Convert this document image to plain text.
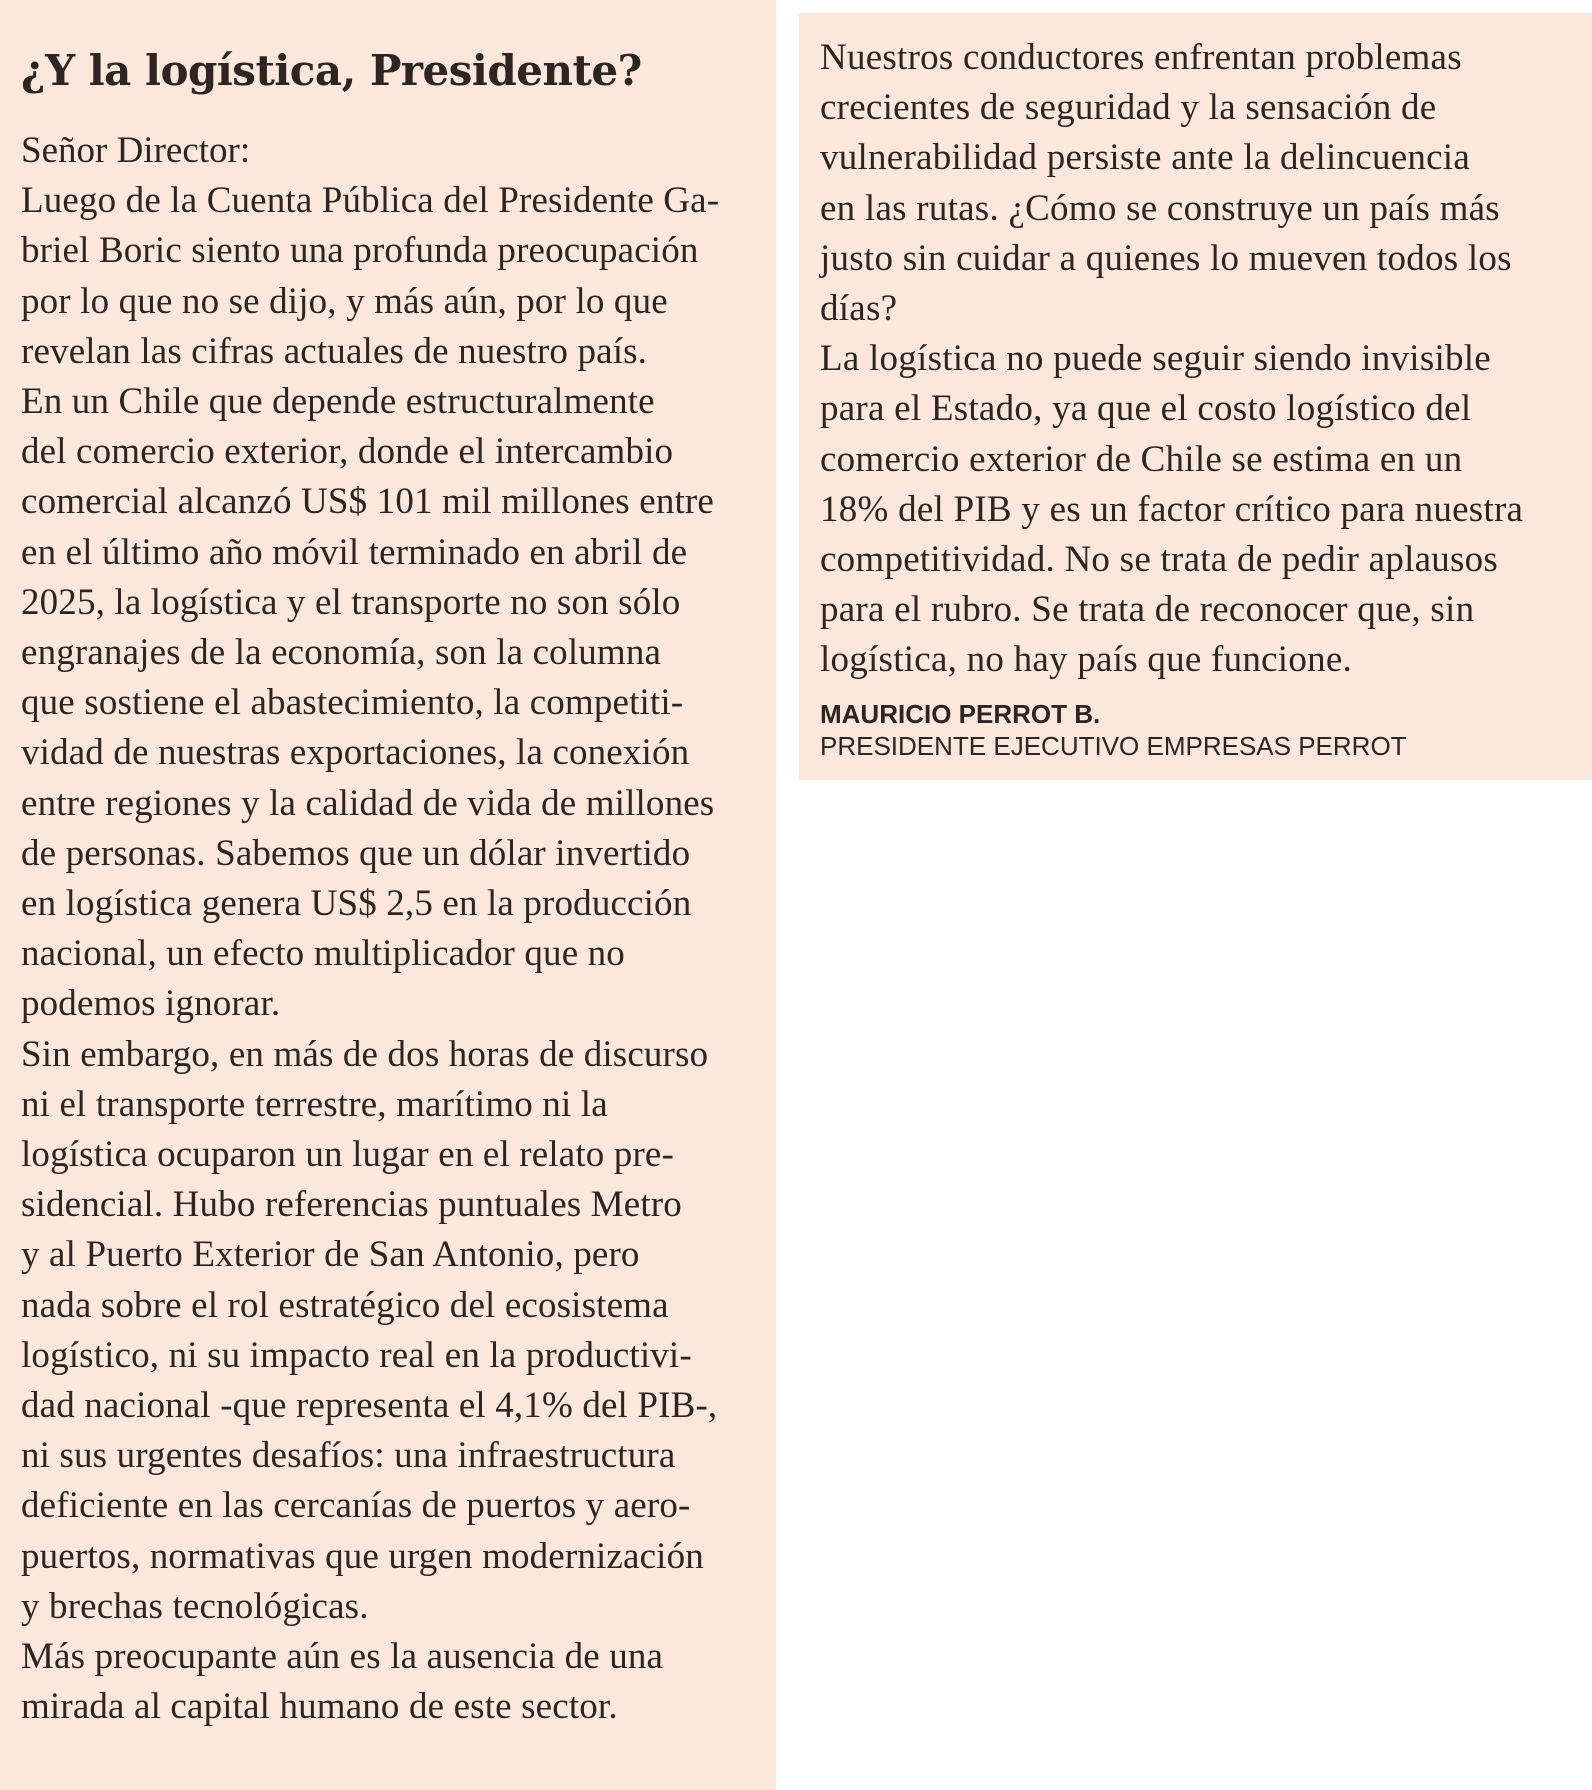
¿Y la logística, Presidente?
Señor Director:
Luego de la Cuenta Pública del Presidente Ga-
briel Boric siento una profunda preocupación
por lo que no se dijo, y más aún, por lo que
revelan las cifras actuales de nuestro país.
En un Chile que depende estructuralmente
del comercio exterior, donde el intercambio
comercial alcanzó US$ 101 mil millones entre
en el último año móvil terminado en abril de
2025, la logística y el transporte no son sólo
engranajes de la economía, son la columna
que sostiene el abastecimiento, la competiti-
vidad de nuestras exportaciones, la conexión
entre regiones y la calidad de vida de millones
de personas. Sabemos que un dólar invertido
en logística genera US$ 2,5 en la producción
nacional, un efecto multiplicador que no
podemos ignorar.
Sin embargo, en más de dos horas de discurso
ni el transporte terrestre, marítimo ni la
logística ocuparon un lugar en el relato pre-
sidencial. Hubo referencias puntuales Metro
y al Puerto Exterior de San Antonio, pero
nada sobre el rol estratégico del ecosistema
logístico, ni su impacto real en la productivi-
dad nacional -que representa el 4,1% del PIB-,
ni sus urgentes desafíos: una infraestructura
deficiente en las cercanías de puertos y aero-
puertos, normativas que urgen modernización
y brechas tecnológicas.
Más preocupante aún es la ausencia de una
mirada al capital humano de este sector.
Nuestros conductores enfrentan problemas
crecientes de seguridad y la sensación de
vulnerabilidad persiste ante la delincuencia
en las rutas. ¿Cómo se construye un país más
justo sin cuidar a quienes lo mueven todos los
días?
La logística no puede seguir siendo invisible
para el Estado, ya que el costo logístico del
comercio exterior de Chile se estima en un
18% del PIB y es un factor crítico para nuestra
competitividad. No se trata de pedir aplausos
para el rubro. Se trata de reconocer que, sin
logística, no hay país que funcione.
MAURICIO PERROT B.
PRESIDENTE EJECUTIVO EMPRESAS PERROT
